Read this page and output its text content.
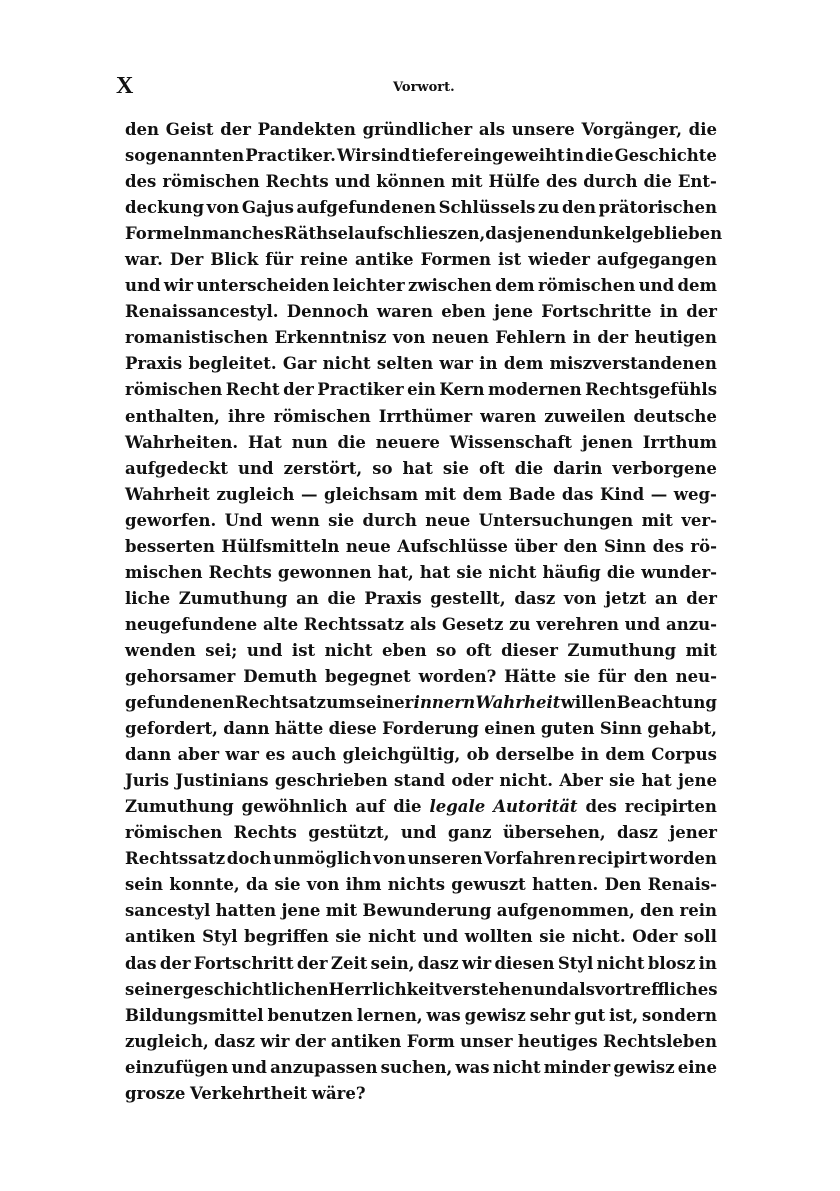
X	Vorwort.
den Geist der Pandekten gründlicher als unsere Vorgänger, die
sogenannten Practiker. Wir sind tiefer eingeweiht in die Geschichte
des römischen Rechts und können mit Hülfe des durch die Ent-
deckung von Gajus aufgefundenen Schlüssels zu den prätorischen
Formeln manches Räthsel aufschlieszen, das jenen dunkel geblieben
war. Der Blick für reine antike Formen ist wieder aufgegangen
und wir unterscheiden leichter zwischen dem römischen und dem
Renaissancestyl. Dennoch waren eben jene Fortschritte in der
romanistischen Erkenntnisz von neuen Fehlern in der heutigen
Praxis begleitet. Gar nicht selten war in dem miszverstandenen
römischen Recht der Practiker ein Kern modernen Rechtsgefühls
enthalten, ihre römischen Irrthümer waren zuweilen deutsche
Wahrheiten. Hat nun die neuere Wissenschaft jenen Irrthum
aufgedeckt und zerstört, so hat sie oft die darin verborgene
Wahrheit zugleich — gleichsam mit dem Bade das Kind — weg-
geworfen. Und wenn sie durch neue Untersuchungen mit ver-
besserten Hülfsmitteln neue Aufschlüsse über den Sinn des rö-
mischen Rechts gewonnen hat, hat sie nicht häufig die wunder-
liche Zumuthung an die Praxis gestellt, dasz von jetzt an der
neugefundene alte Rechtssatz als Gesetz zu verehren und anzu-
wenden sei; und ist nicht eben so oft dieser Zumuthung mit
gehorsamer Demuth begegnet worden? Hätte sie für den neu-
gefundenen Rechtsatz um seiner innern Wahrheit willen Beachtung
gefordert, dann hätte diese Forderung einen guten Sinn gehabt,
dann aber war es auch gleichgültig, ob derselbe in dem Corpus
Juris Justinians geschrieben stand oder nicht. Aber sie hat jene
Zumuthung gewöhnlich auf die legale Autorität des recipirten
römischen Rechts gestützt, und ganz übersehen, dasz jener
Rechtssatz doch unmöglich von unseren Vorfahren recipirt worden
sein konnte, da sie von ihm nichts gewuszt hatten. Den Renais-
sancestyl hatten jene mit Bewunderung aufgenommen, den rein
antiken Styl begriffen sie nicht und wollten sie nicht. Oder soll
das der Fortschritt der Zeit sein, dasz wir diesen Styl nicht blosz in
seiner geschichtlichen Herrlichkeit verstehen und als vortreffliches
Bildungsmittel benutzen lernen, was gewisz sehr gut ist, sondern
zugleich, dasz wir der antiken Form unser heutiges Rechtsleben
einzufügen und anzupassen suchen, was nicht minder gewisz eine
grosze Verkehrtheit wäre?
